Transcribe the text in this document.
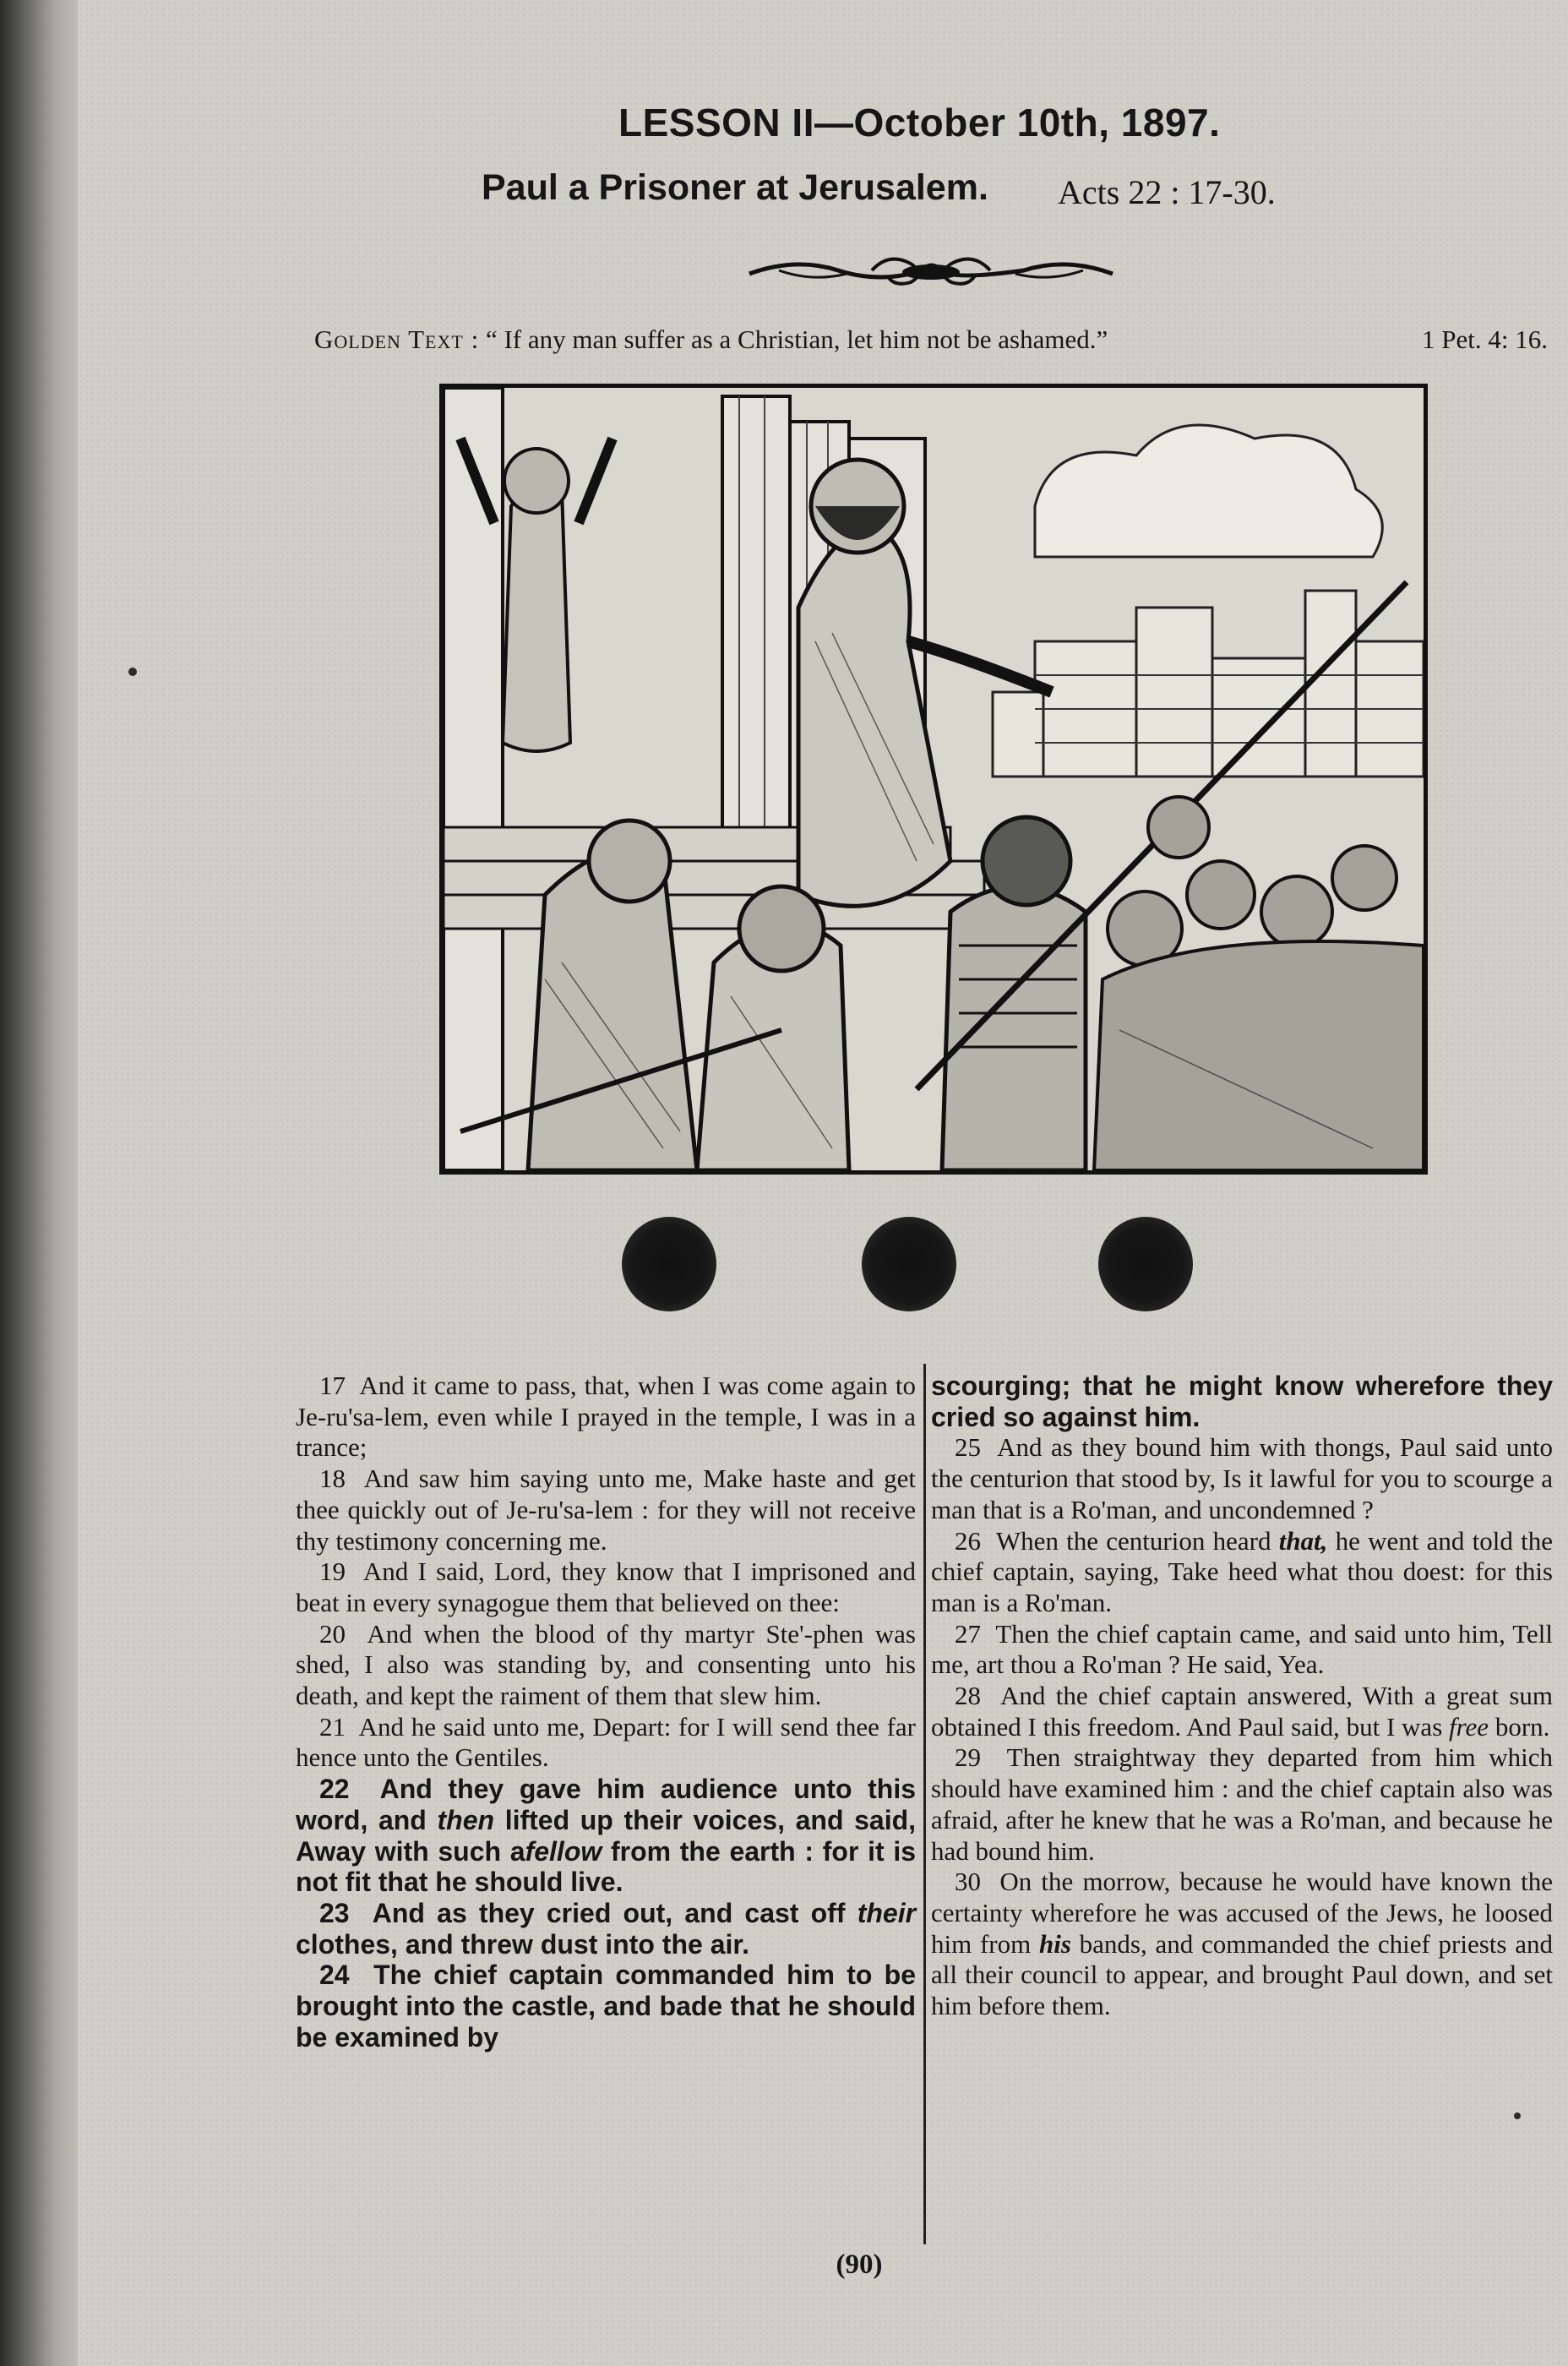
LESSON II—October 10th, 1897.
Paul a Prisoner at Jerusalem. Acts 22 : 17-30.
Golden Text : “ If any man suffer as a Christian, let him not be ashamed.”	1 Pet. 4: 16.

17 And it came to pass, that, when I was come again to Je-ru'sa-lem, even while I prayed in the temple, I was in a trance;

18 And saw him saying unto me, Make haste and get thee quickly out of Je-ru'sa-lem : for they will not receive thy testimony concerning me.

19 And I said, Lord, they know that I imprisoned and beat in every synagogue them that believed on thee:

20 And when the blood of thy martyr Ste'-phen was shed, I also was standing by, and consenting unto his death, and kept the raiment of them that slew him.

21 And he said unto me, Depart: for I will send thee far hence unto the Gentiles.

22 And they gave him audience unto this word, and then lifted up their voices, and said, Away with such afellow from the earth : for it is not fit that he should live.

23 And as they cried out, and cast off their clothes, and threw dust into the air.

24 The chief captain commanded him to be brought into the castle, and bade that he should be examined by

scourging; that he might know wherefore they cried so against him.

25 And as they bound him with thongs, Paul said unto the centurion that stood by, Is it lawful for you to scourge a man that is a Ro'man, and uncondemned ?

26 When the centurion heard that, he went and told the chief captain, saying, Take heed what thou doest: for this man is a Ro'man.

27 Then the chief captain came, and said unto him, Tell me, art thou a Ro'man ? He said, Yea.

28 And the chief captain answered, With a great sum obtained I this freedom. And Paul said, but I was free born.

29 Then straightway they departed from him which should have examined him : and the chief captain also was afraid, after he knew that he was a Ro'man, and because he had bound him.

30 On the morrow, because he would have known the certainty wherefore he was accused of the Jews, he loosed him from his bands, and commanded the chief priests and all their council to appear, and brought Paul down, and set him before them.

(90)
